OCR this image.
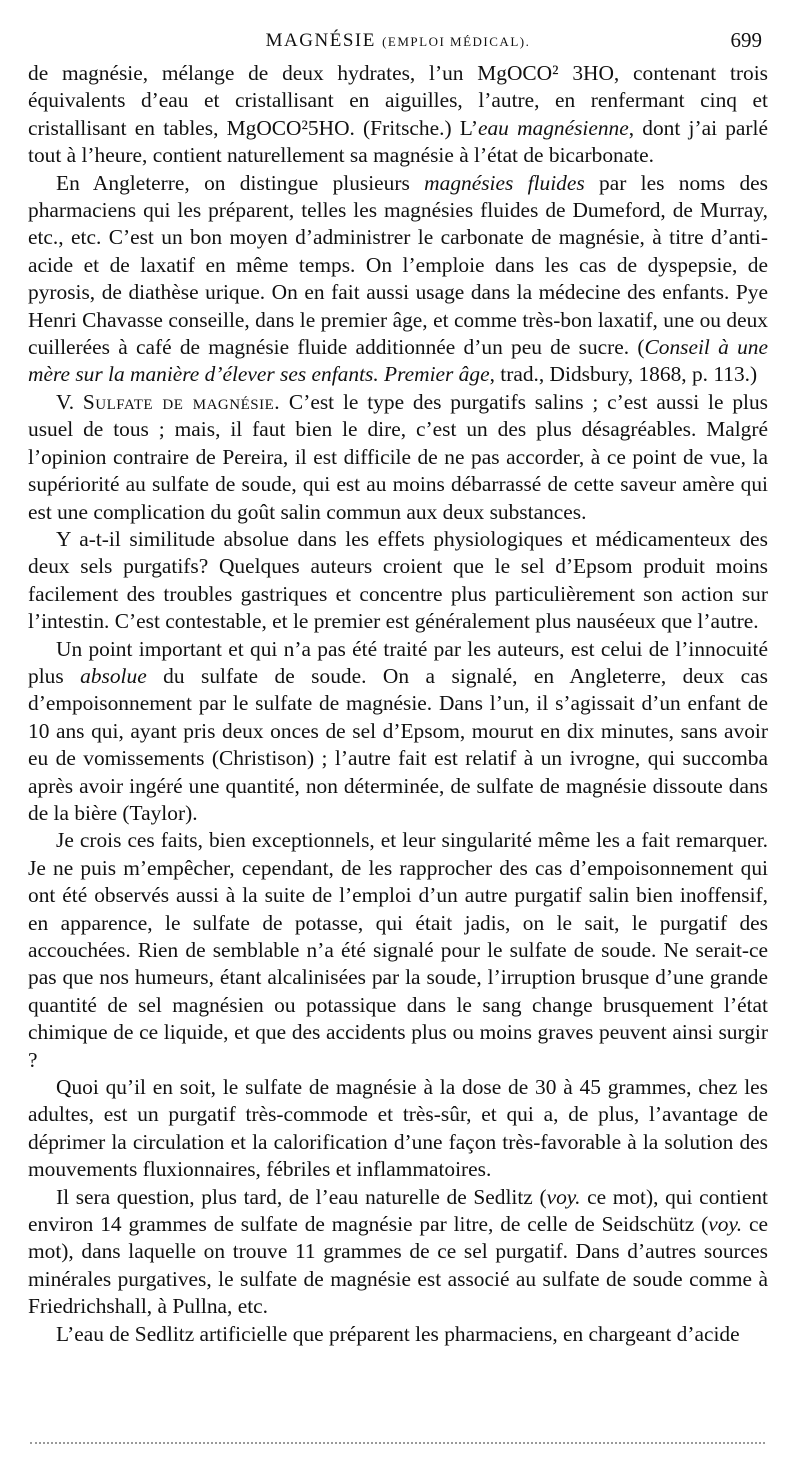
MAGNÉSIE (EMPLOI MÉDICAL).	699

de magnésie, mélange de deux hydrates, l’un MgOCO² 3HO, contenant trois équivalents d’eau et cristallisant en aiguilles, l’autre, en renfermant cinq et cristallisant en tables, MgOCO²5HO. (Fritsche.) L’eau magnésienne, dont j’ai parlé tout à l’heure, contient naturellement sa magnésie à l’état de bicarbonate.

En Angleterre, on distingue plusieurs magnésies fluides par les noms des pharmaciens qui les préparent, telles les magnésies fluides de Dumeford, de Murray, etc., etc. C’est un bon moyen d’administrer le carbonate de magnésie, à titre d’anti-acide et de laxatif en même temps. On l’emploie dans les cas de dyspepsie, de pyrosis, de diathèse urique. On en fait aussi usage dans la médecine des enfants. Pye Henri Chavasse conseille, dans le premier âge, et comme très-bon laxatif, une ou deux cuillerées à café de magnésie fluide additionnée d’un peu de sucre. (Conseil à une mère sur la manière d’élever ses enfants. Premier âge, trad., Didsbury, 1868, p. 113.)

V. Sulfate de magnésie. C’est le type des purgatifs salins ; c’est aussi le plus usuel de tous ; mais, il faut bien le dire, c’est un des plus désagréables. Malgré l’opinion contraire de Pereira, il est difficile de ne pas accorder, à ce point de vue, la supériorité au sulfate de soude, qui est au moins débarrassé de cette saveur amère qui est une complication du goût salin commun aux deux substances.

Y a-t-il similitude absolue dans les effets physiologiques et médicamenteux des deux sels purgatifs? Quelques auteurs croient que le sel d’Epsom produit moins facilement des troubles gastriques et concentre plus particulièrement son action sur l’intestin. C’est contestable, et le premier est généralement plus nauséeux que l’autre.

Un point important et qui n’a pas été traité par les auteurs, est celui de l’innocuité plus absolue du sulfate de soude. On a signalé, en Angleterre, deux cas d’empoisonnement par le sulfate de magnésie. Dans l’un, il s’agissait d’un enfant de 10 ans qui, ayant pris deux onces de sel d’Epsom, mourut en dix minutes, sans avoir eu de vomissements (Christison) ; l’autre fait est relatif à un ivrogne, qui succomba après avoir ingéré une quantité, non déterminée, de sulfate de magnésie dissoute dans de la bière (Taylor).

Je crois ces faits, bien exceptionnels, et leur singularité même les a fait remarquer. Je ne puis m’empêcher, cependant, de les rapprocher des cas d’empoisonnement qui ont été observés aussi à la suite de l’emploi d’un autre purgatif salin bien inoffensif, en apparence, le sulfate de potasse, qui était jadis, on le sait, le purgatif des accouchées. Rien de semblable n’a été signalé pour le sulfate de soude. Ne serait-ce pas que nos humeurs, étant alcalinisées par la soude, l’irruption brusque d’une grande quantité de sel magnésien ou potassique dans le sang change brusquement l’état chimique de ce liquide, et que des accidents plus ou moins graves peuvent ainsi surgir ?

Quoi qu’il en soit, le sulfate de magnésie à la dose de 30 à 45 grammes, chez les adultes, est un purgatif très-commode et très-sûr, et qui a, de plus, l’avantage de déprimer la circulation et la calorification d’une façon très-favorable à la solution des mouvements fluxionnaires, fébriles et inflammatoires.

Il sera question, plus tard, de l’eau naturelle de Sedlitz (voy. ce mot), qui contient environ 14 grammes de sulfate de magnésie par litre, de celle de Seidschütz (voy. ce mot), dans laquelle on trouve 11 grammes de ce sel purgatif. Dans d’autres sources minérales purgatives, le sulfate de magnésie est associé au sulfate de soude comme à Friedrichshall, à Pullna, etc.

L’eau de Sedlitz artificielle que préparent les pharmaciens, en chargeant d’acide
